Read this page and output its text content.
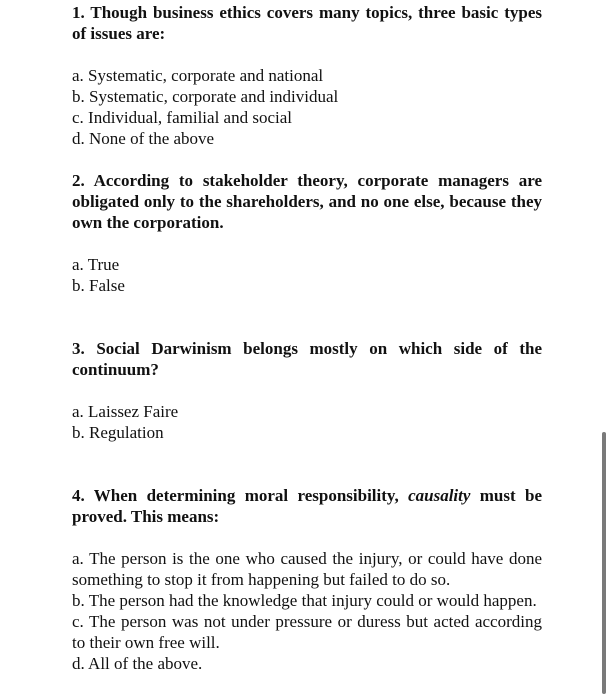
1. Though business ethics covers many topics, three basic types of issues are:

a. Systematic, corporate and national
b. Systematic, corporate and individual
c. Individual, familial and social
d. None of the above

2. According to stakeholder theory, corporate managers are obligated only to the shareholders, and no one else, because they own the corporation.

a. True
b. False

3. Social Darwinism belongs mostly on which side of the continuum?

a. Laissez Faire
b. Regulation

4. When determining moral responsibility, causality must be proved. This means:

a. The person is the one who caused the injury, or could have done something to stop it from happening but failed to do so.
b. The person had the knowledge that injury could or would happen.
c. The person was not under pressure or duress but acted according to their own free will.
d. All of the above.
